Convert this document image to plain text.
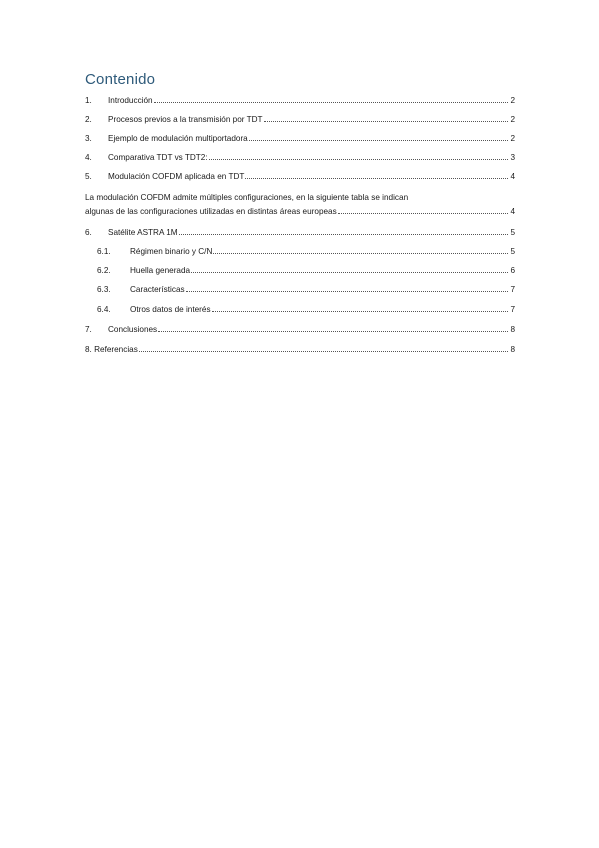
Contenido
1.	Introducción	2
2.	Procesos previos a la transmisión por TDT	2
3.	Ejemplo de modulación multiportadora	2
4.	Comparativa TDT vs TDT2:	3
5.	Modulación COFDM aplicada en TDT	4
La modulación COFDM admite múltiples configuraciones, en la siguiente tabla se indican
algunas de las configuraciones utilizadas en distintas áreas europeas	4
6.	Satélite ASTRA 1M	5
6.1.	Régimen binario y C/N	5
6.2.	Huella generada	6
6.3.	Características	7
6.4.	Otros datos de interés	7
7.	Conclusiones	8
8. Referencias	8
